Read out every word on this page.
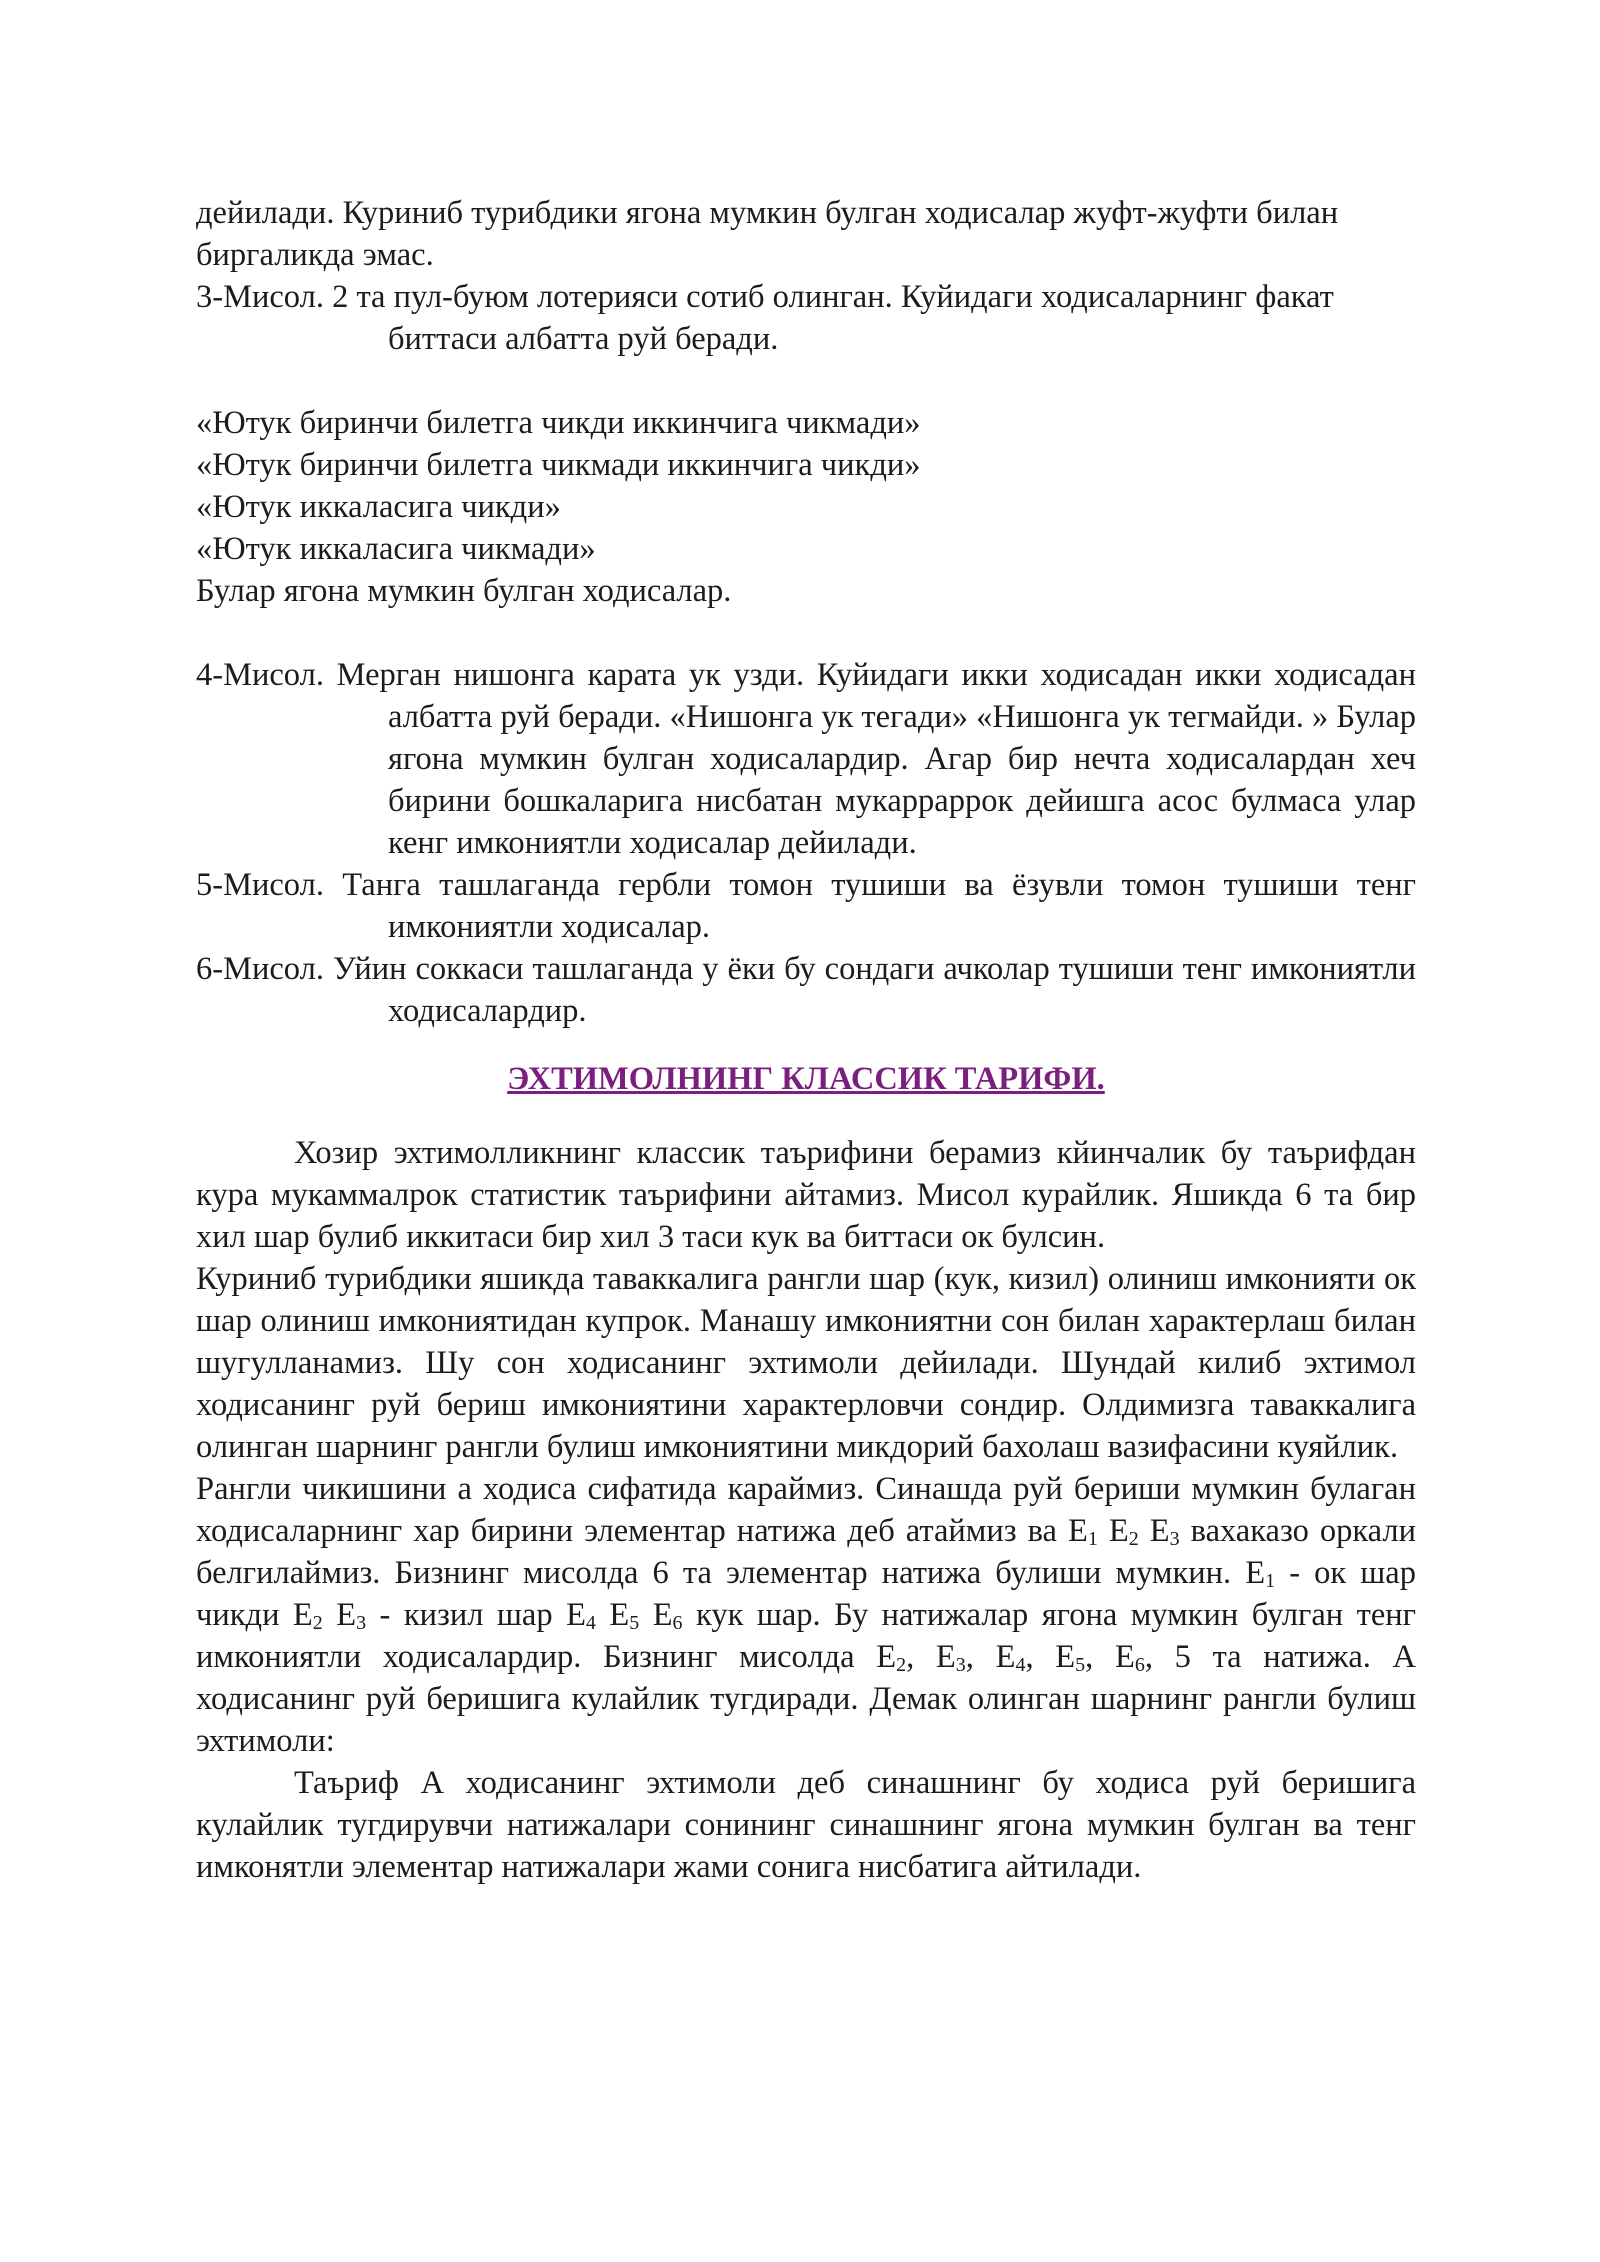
дейилади. Куриниб турибдики ягона мумкин булган ходисалар жуфт-жуфти билан биргаликда эмас.

3-Мисол. 2 та пул-буюм лотерияси сотиб олинган. Куйидаги ходисаларнинг факат биттаси албатта руй беради.

«Ютук биринчи билетга чикди иккинчига чикмади»

«Ютук биринчи билетга чикмади иккинчига чикди»

«Ютук иккаласига чикди»

«Ютук иккаласига чикмади»

Булар ягона мумкин булган ходисалар.

4-Мисол. Мерган нишонга карата ук узди. Куйидаги икки ходисадан икки ходисадан албатта руй беради. «Нишонга ук тегади» «Нишонга ук тегмайди. » Булар ягона мумкин булган ходисалардир. Агар бир нечта ходисалардан хеч бирини бошкаларига нисбатан мукарраррок дейишга асос булмаса улар кенг имкониятли ходисалар дейилади.

5-Мисол. Танга ташлаганда гербли томон тушиши ва ёзувли томон тушиши тенг имкониятли ходисалар.

6-Мисол. Уйин соккаси ташлаганда у ёки бу сондаги ачколар тушиши тенг имкониятли ходисалардир.

ЭХТИМОЛНИНГ КЛАССИК ТАРИФИ.

Хозир эхтимолликнинг классик таърифини берамиз кйинчалик бу таърифдан кура мукаммалрок статистик таърифини айтамиз. Мисол курайлик. Яшикда 6 та бир хил шар булиб иккитаси бир хил 3 таси кук ва биттаси ок булсин.

Куриниб турибдики яшикда таваккалига рангли шар (кук, кизил) олиниш имконияти ок шар олиниш имкониятидан купрок. Манашу имкониятни сон билан характерлаш билан шугулланамиз. Шу сон ходисанинг эхтимоли дейилади. Шундай килиб эхтимол ходисанинг руй бериш имкониятини характерловчи сондир. Олдимизга таваккалига олинган шарнинг рангли булиш имкониятини микдорий бахолаш вазифасини куяйлик.

Рангли чикишини а ходиса сифатида караймиз. Синашда руй бериши мумкин булаган ходисаларнинг хар бирини элементар натижа деб атаймиз ва $E_1$ $E_2$ $E_3$ вахаказо оркали белгилаймиз. Бизнинг мисолда 6 та элементар натижа булиши мумкин. $E_1$ - ок шар чикди $E_2$ $E_3$ - кизил шар $E_4$ $E_5$ $E_6$ кук шар. Бу натижалар ягона мумкин булган тенг имкониятли ходисалардир. Бизнинг мисолда $E_2$, $E_3$, $E_4$, $E_5$, $E_6$, 5 та натижа. А ходисанинг руй беришига кулайлик тугдиради. Демак олинган шарнинг рангли булиш эхтимоли:

Таъриф А ходисанинг эхтимоли деб синашнинг бу ходиса руй беришига кулайлик тугдирувчи натижалари сонининг синашнинг ягона мумкин булган ва тенг имконятли элементар натижалари жами сонига нисбатига айтилади.
